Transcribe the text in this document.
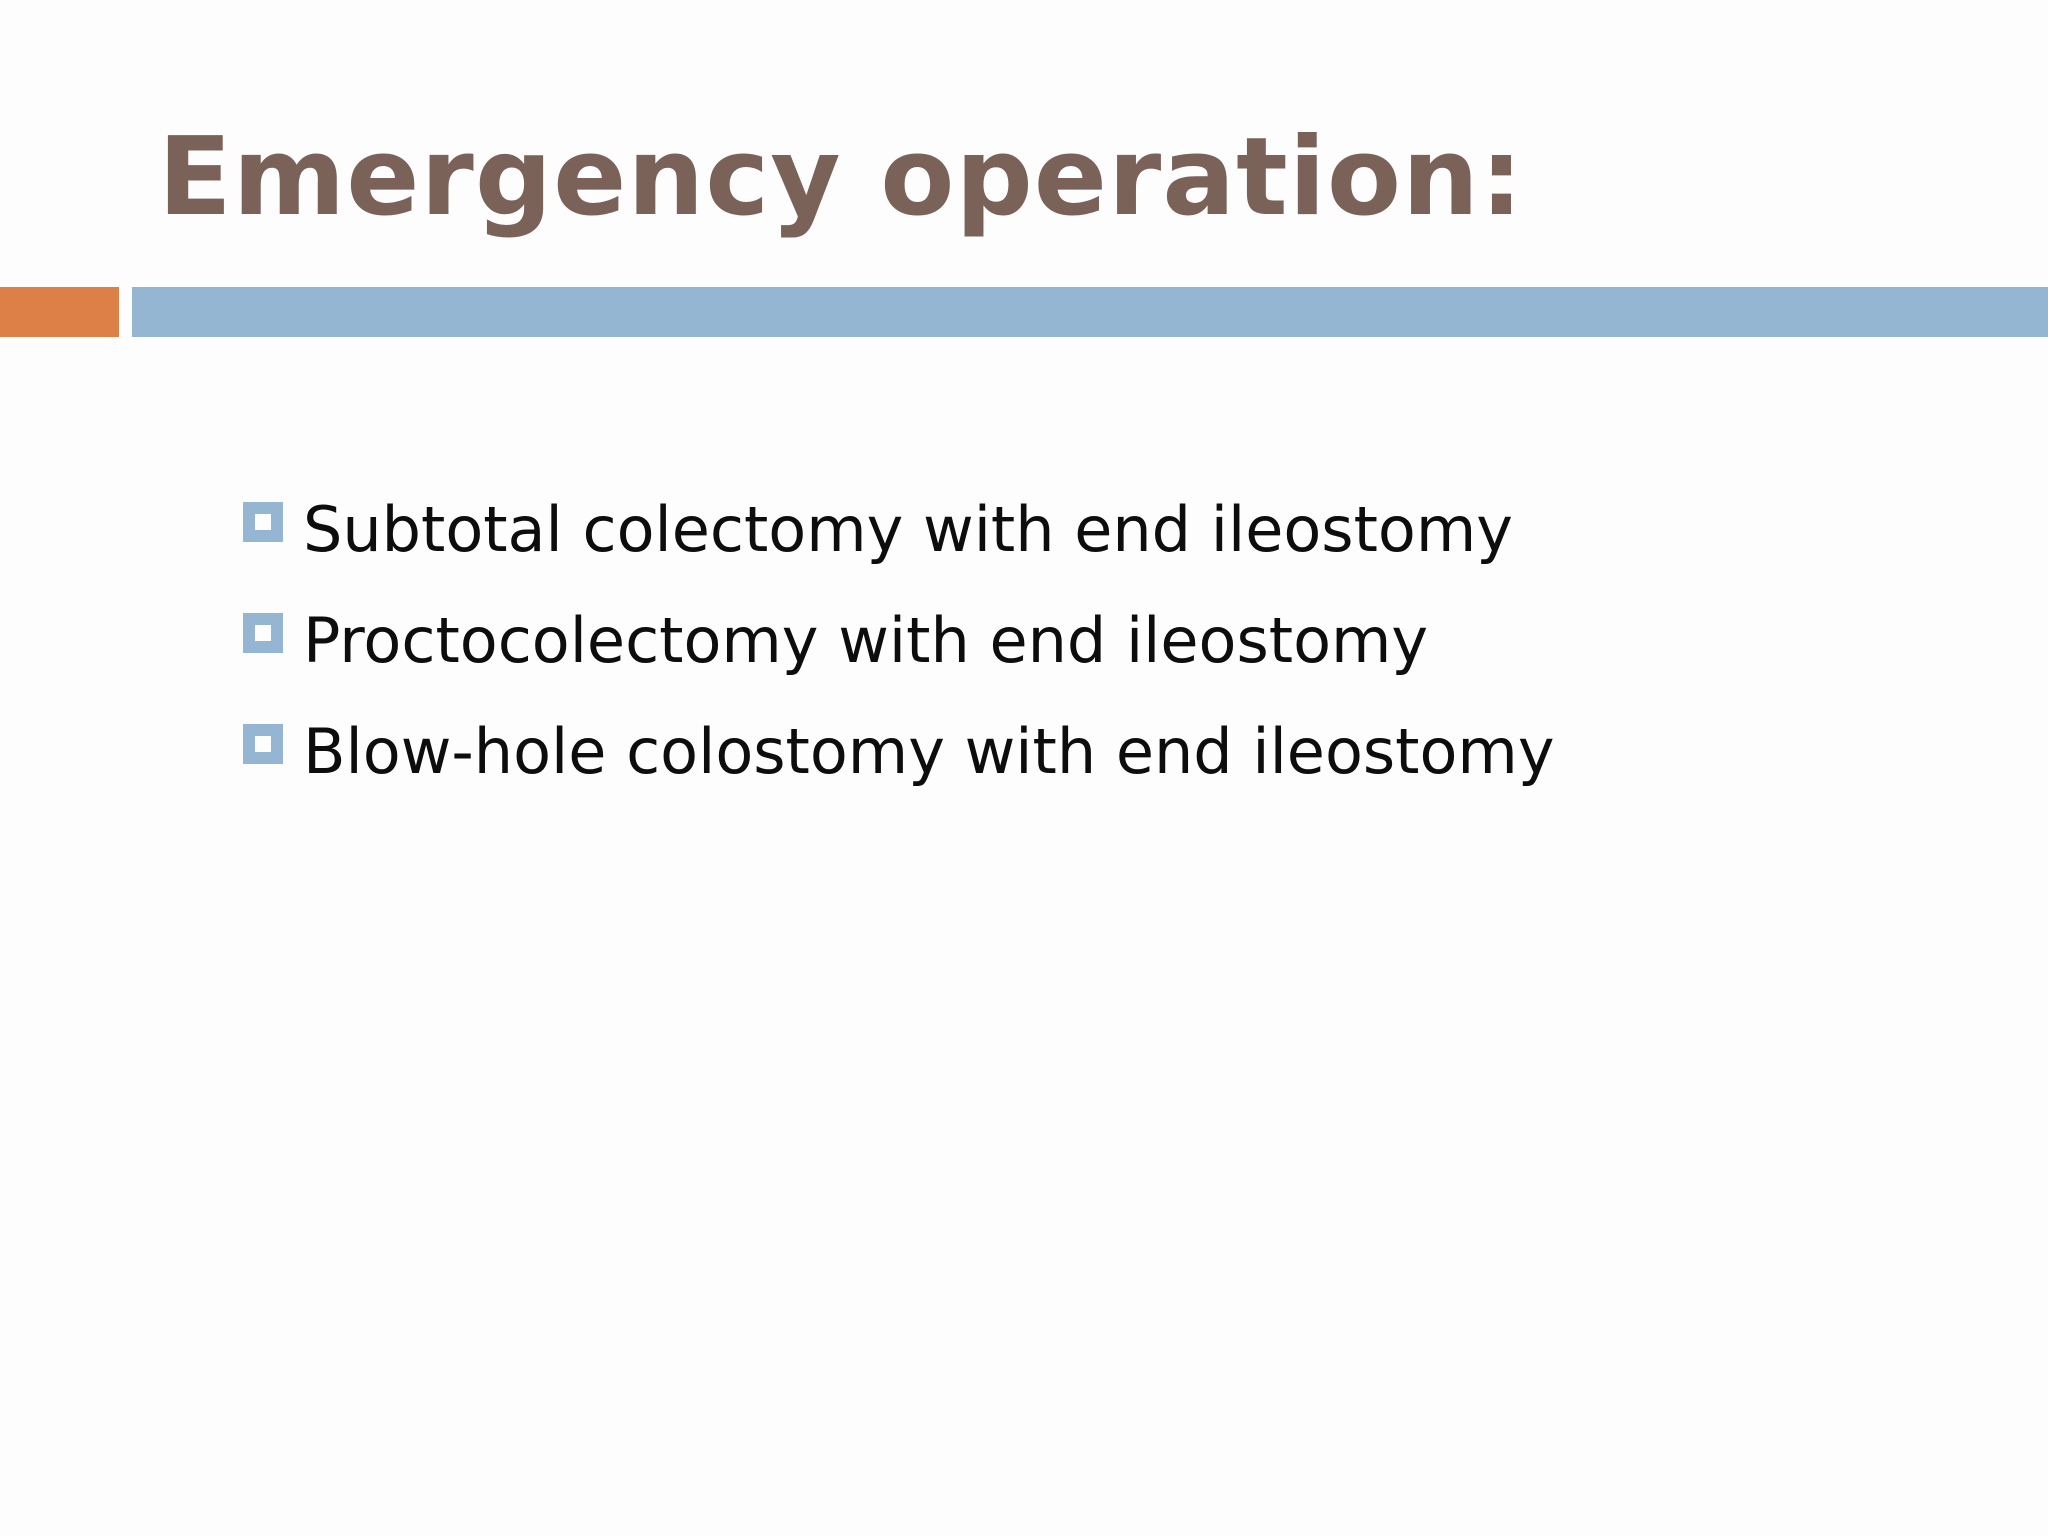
Emergency operation:
Subtotal colectomy with end ileostomy
Proctocolectomy with end ileostomy
Blow-hole colostomy with end ileostomy
